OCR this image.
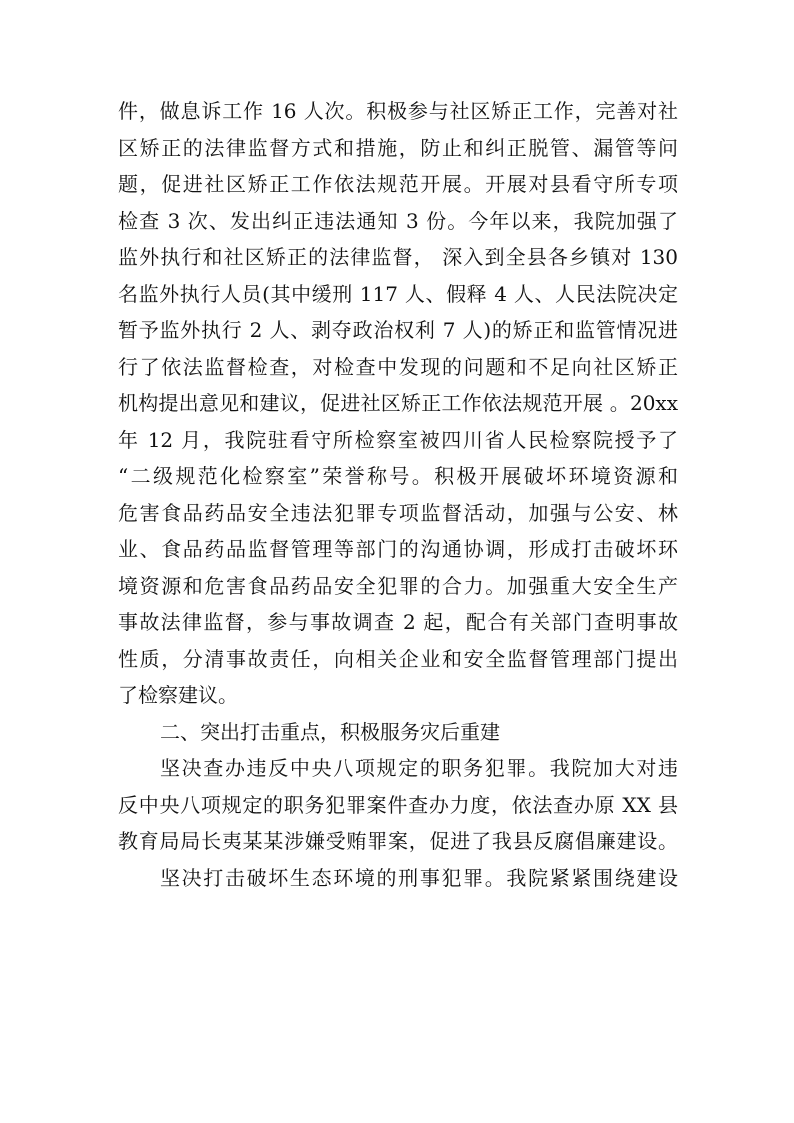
件，做息诉工作 16 人次。积极参与社区矫正工作，完善对社
区矫正的法律监督方式和措施，防止和纠正脱管、漏管等问
题，促进社区矫正工作依法规范开展。开展对县看守所专项
检查 3 次、发出纠正违法通知 3 份。今年以来，我院加强了
监外执行和社区矫正的法律监督， 深入到全县各乡镇对 130
名监外执行人员(其中缓刑 117 人、假释 4 人、人民法院决定
暂予监外执行 2 人、剥夺政治权利 7 人)的矫正和监管情况进
行了依法监督检查，对检查中发现的问题和不足向社区矫正
机构提出意见和建议，促进社区矫正工作依法规范开展 。20xx
年 12 月，我院驻看守所检察室被四川省人民检察院授予了
“二级规范化检察室”荣誉称号。积极开展破坏环境资源和
危害食品药品安全违法犯罪专项监督活动，加强与公安、林
业、食品药品监督管理等部门的沟通协调，形成打击破坏环
境资源和危害食品药品安全犯罪的合力。加强重大安全生产
事故法律监督，参与事故调查 2 起，配合有关部门查明事故
性质，分清事故责任，向相关企业和安全监督管理部门提出
了检察建议。
二、突出打击重点，积极服务灾后重建
坚决查办违反中央八项规定的职务犯罪。我院加大对违
反中央八项规定的职务犯罪案件查办力度，依法查办原 XX 县
教育局局长夷某某涉嫌受贿罪案，促进了我县反腐倡廉建设。
坚决打击破坏生态环境的刑事犯罪。我院紧紧围绕建设
